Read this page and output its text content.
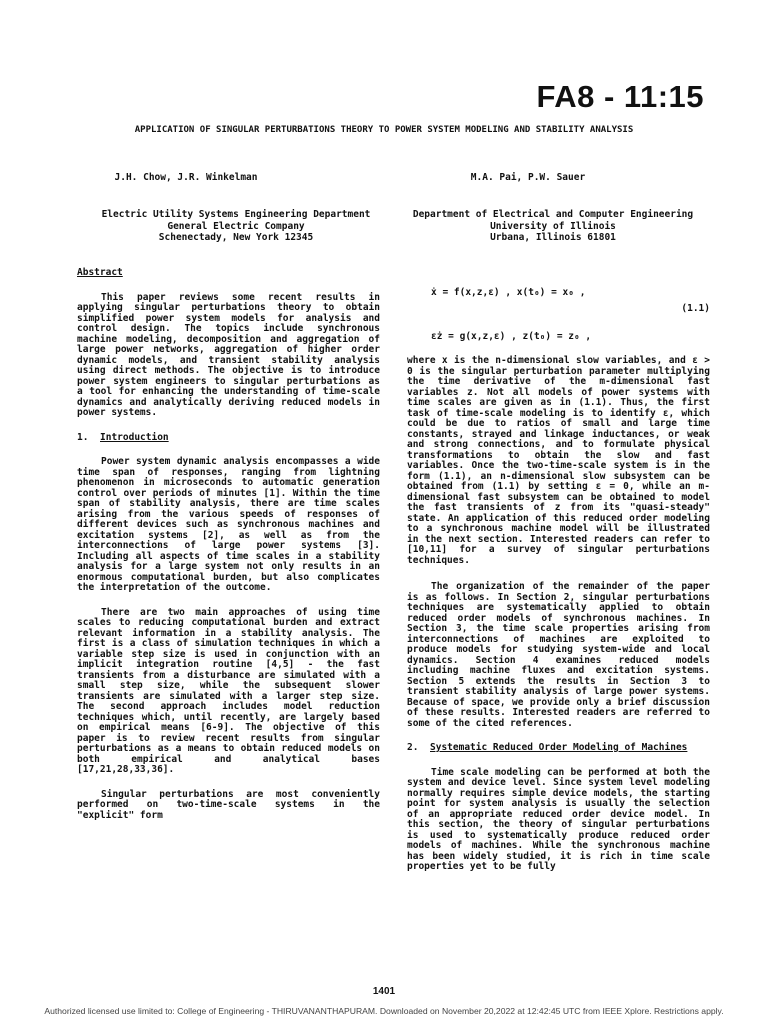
FA8 - 11:15
APPLICATION OF SINGULAR PERTURBATIONS THEORY TO POWER SYSTEM MODELING AND STABILITY ANALYSIS
J.H. Chow, J.R. Winkelman	M.A. Pai, P.W. Sauer
Electric Utility Systems Engineering Department
General Electric Company
Schenectady, New York 12345
Department of Electrical and Computer Engineering
University of Illinois
Urbana, Illinois 61801
Abstract

This paper reviews some recent results in applying singular perturbations theory to obtain simplified power system models for analysis and control design. The topics include synchronous machine modeling, decomposition and aggregation of large power networks, aggregation of higher order dynamic models, and transient stability analysis using direct methods. The objective is to introduce power system engineers to singular perturbations as a tool for enhancing the understanding of time-scale dynamics and analytically deriving reduced models in power systems.

1. Introduction

Power system dynamic analysis encompasses a wide time span of responses, ranging from lightning phenomenon in microseconds to automatic generation control over periods of minutes [1]. Within the time span of stability analysis, there are time scales arising from the various speeds of responses of different devices such as synchronous machines and excitation systems [2], as well as from the interconnections of large power systems [3]. Including all aspects of time scales in a stability analysis for a large system not only results in an enormous computational burden, but also complicates the interpretation of the outcome.

There are two main approaches of using time scales to reducing computational burden and extract relevant information in a stability analysis. The first is a class of simulation techniques in which a variable step size is used in conjunction with an implicit integration routine [4,5] - the fast transients from a disturbance are simulated with a small step size, while the subsequent slower transients are simulated with a larger step size. The second approach includes model reduction techniques which, until recently, are largely based on empirical means [6-9]. The objective of this paper is to review recent results from singular perturbations as a means to obtain reduced models on both empirical and analytical bases [17,21,28,33,36].

Singular perturbations are most conveniently performed on two-time-scale systems in the "explicit" form

ẋ = f(x,z,ε) , x(t₀) = x₀ ,
(1.1)
εż = g(x,z,ε) , z(t₀) = z₀ ,

where x is the n-dimensional slow variables, and ε > 0 is the singular perturbation parameter multiplying the time derivative of the m-dimensional fast variables z. Not all models of power systems with time scales are given as in (1.1). Thus, the first task of time-scale modeling is to identify ε, which could be due to ratios of small and large time constants, strayed and linkage inductances, or weak and strong connections, and to formulate physical transformations to obtain the slow and fast variables. Once the two-time-scale system is in the form (1.1), an n-dimensional slow subsystem can be obtained from (1.1) by setting ε = 0, while an m-dimensional fast subsystem can be obtained to model the fast transients of z from its "quasi-steady" state. An application of this reduced order modeling to a synchronous machine model will be illustrated in the next section. Interested readers can refer to [10,11] for a survey of singular perturbations techniques.

The organization of the remainder of the paper is as follows. In Section 2, singular perturbations techniques are systematically applied to obtain reduced order models of synchronous machines. In Section 3, the time scale properties arising from interconnections of machines are exploited to produce models for studying system-wide and local dynamics. Section 4 examines reduced models including machine fluxes and excitation systems. Section 5 extends the results in Section 3 to transient stability analysis of large power systems. Because of space, we provide only a brief discussion of these results. Interested readers are referred to some of the cited references.

2. Systematic Reduced Order Modeling of Machines

Time scale modeling can be performed at both the system and device level. Since system level modeling normally requires simple device models, the starting point for system analysis is usually the selection of an appropriate reduced order device model. In this section, the theory of singular perturbations is used to systematically produce reduced order models of machines. While the synchronous machine has been widely studied, it is rich in time scale properties yet to be fully

1401
Authorized licensed use limited to: College of Engineering - THIRUVANANTHAPURAM. Downloaded on November 20,2022 at 12:42:45 UTC from IEEE Xplore. Restrictions apply.
